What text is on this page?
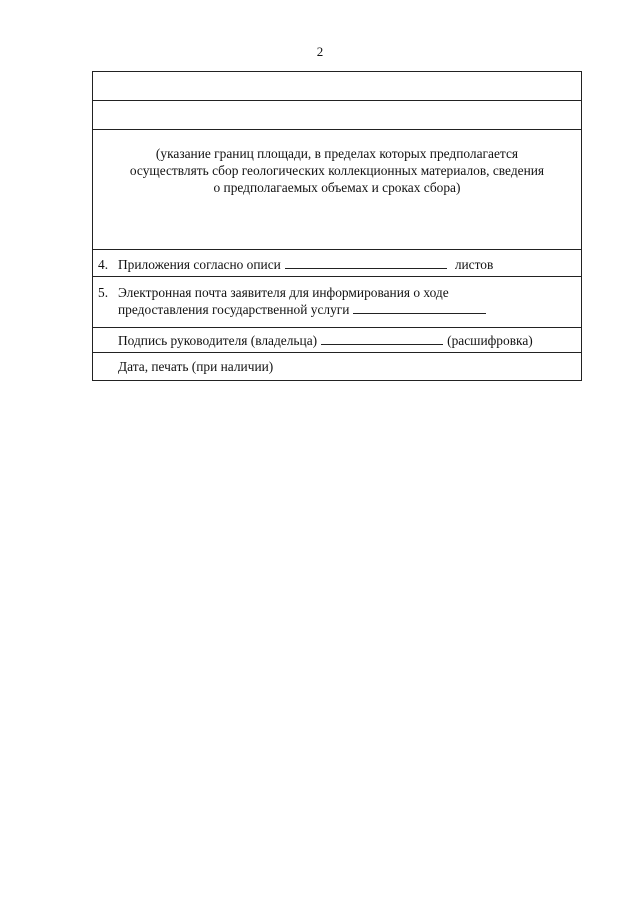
2
(указание границ площади, в пределах которых предполагается
осуществлять сбор геологических коллекционных материалов, сведения
о предполагаемых объемах и сроках сбора)
4. Приложения согласно описи	листов
5. Электронная почта заявителя для информирования о ходе
предоставления государственной услуги
Подпись руководителя (владельца)	(расшифровка)
Дата, печать (при наличии)
